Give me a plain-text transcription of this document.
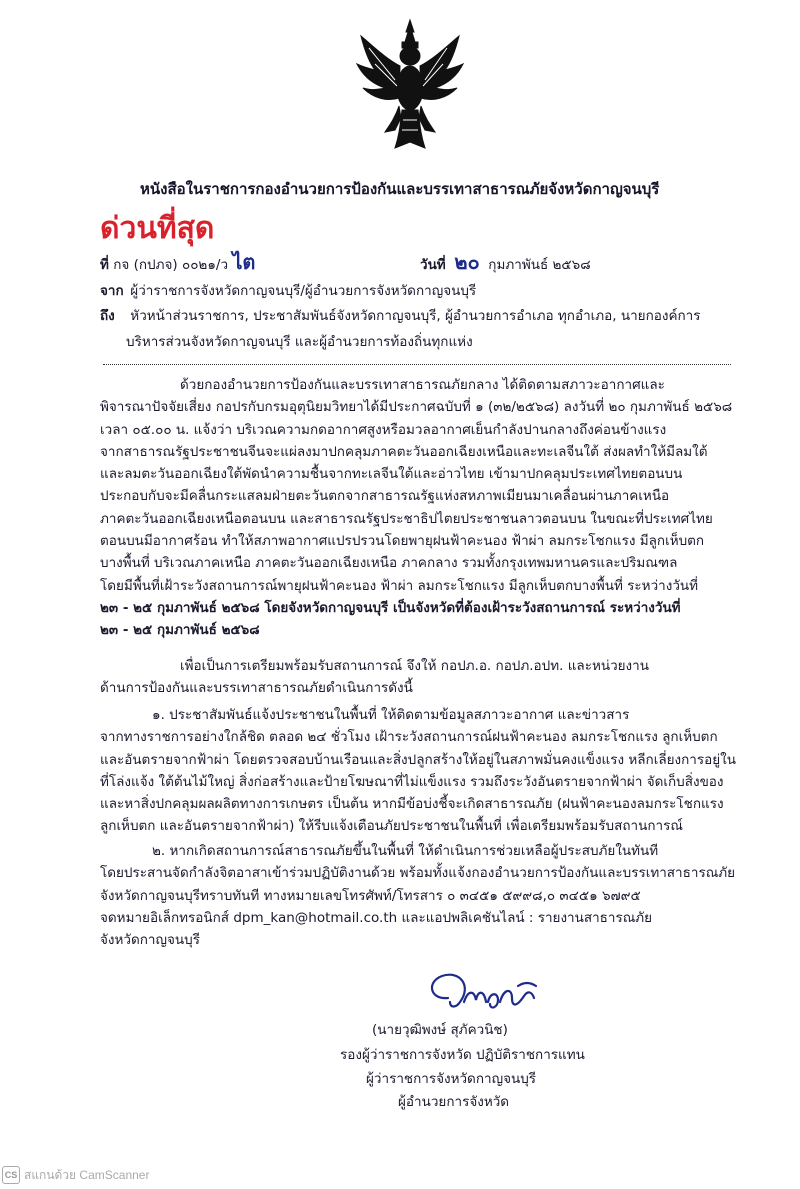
หนังสือในราชการกองอำนวยการป้องกันและบรรเทาสาธารณภัยจังหวัดกาญจนบุรี
ด่วนที่สุด
ที่ กจ (กปภจ) ๐๐๒๑/ว ไต	วันที่ ๒๐ กุมภาพันธ์ ๒๕๖๘
จาก ผู้ว่าราชการจังหวัดกาญจนบุรี/ผู้อำนวยการจังหวัดกาญจนบุรี
ถึง หัวหน้าส่วนราชการ, ประชาสัมพันธ์จังหวัดกาญจนบุรี, ผู้อำนวยการอำเภอ ทุกอำเภอ, นายกองค์การ
บริหารส่วนจังหวัดกาญจนบุรี และผู้อำนวยการท้องถิ่นทุกแห่ง
ด้วยกองอำนวยการป้องกันและบรรเทาสาธารณภัยกลาง ได้ติดตามสภาวะอากาศและ
พิจารณาปัจจัยเสี่ยง กอปรกับกรมอุตุนิยมวิทยาได้มีประกาศฉบับที่ ๑ (๓๒/๒๕๖๘) ลงวันที่ ๒๐ กุมภาพันธ์ ๒๕๖๘
เวลา ๐๕.๐๐ น. แจ้งว่า บริเวณความกดอากาศสูงหรือมวลอากาศเย็นกำลังปานกลางถึงค่อนข้างแรง
จากสาธารณรัฐประชาชนจีนจะแผ่ลงมาปกคลุมภาคตะวันออกเฉียงเหนือและทะเลจีนใต้ ส่งผลทำให้มีลมใต้
และลมตะวันออกเฉียงใต้พัดนำความชื้นจากทะเลจีนใต้และอ่าวไทย เข้ามาปกคลุมประเทศไทยตอนบน
ประกอบกับจะมีคลื่นกระแสลมฝ่ายตะวันตกจากสาธารณรัฐแห่งสหภาพเมียนมาเคลื่อนผ่านภาคเหนือ
ภาคตะวันออกเฉียงเหนือตอนบน และสาธารณรัฐประชาธิปไตยประชาชนลาวตอนบน ในขณะที่ประเทศไทย
ตอนบนมีอากาศร้อน ทำให้สภาพอากาศแปรปรวนโดยพายุฝนฟ้าคะนอง ฟ้าผ่า ลมกระโชกแรง มีลูกเห็บตก
บางพื้นที่ บริเวณภาคเหนือ ภาคตะวันออกเฉียงเหนือ ภาคกลาง รวมทั้งกรุงเทพมหานครและปริมณฑล
โดยมีพื้นที่เฝ้าระวังสถานการณ์พายุฝนฟ้าคะนอง ฟ้าผ่า ลมกระโชกแรง มีลูกเห็บตกบางพื้นที่ ระหว่างวันที่
๒๓ - ๒๕ กุมภาพันธ์ ๒๕๖๘ โดยจังหวัดกาญจนบุรี เป็นจังหวัดที่ต้องเฝ้าระวังสถานการณ์ ระหว่างวันที่
๒๓ - ๒๕ กุมภาพันธ์ ๒๕๖๘
เพื่อเป็นการเตรียมพร้อมรับสถานการณ์ จึงให้ กอปภ.อ. กอปภ.อปท. และหน่วยงาน
ด้านการป้องกันและบรรเทาสาธารณภัยดำเนินการดังนี้
๑. ประชาสัมพันธ์แจ้งประชาชนในพื้นที่ ให้ติดตามข้อมูลสภาวะอากาศ และข่าวสาร
จากทางราชการอย่างใกล้ชิด ตลอด ๒๔ ชั่วโมง เฝ้าระวังสถานการณ์ฝนฟ้าคะนอง ลมกระโชกแรง ลูกเห็บตก
และอันตรายจากฟ้าผ่า โดยตรวจสอบบ้านเรือนและสิ่งปลูกสร้างให้อยู่ในสภาพมั่นคงแข็งแรง หลีกเลี่ยงการอยู่ใน
ที่โล่งแจ้ง ใต้ต้นไม้ใหญ่ สิ่งก่อสร้างและป้ายโฆษณาที่ไม่แข็งแรง รวมถึงระวังอันตรายจากฟ้าผ่า จัดเก็บสิ่งของ
และหาสิ่งปกคลุมผลผลิตทางการเกษตร เป็นต้น หากมีข้อบ่งชี้จะเกิดสาธารณภัย (ฝนฟ้าคะนองลมกระโชกแรง
ลูกเห็บตก และอันตรายจากฟ้าผ่า) ให้รีบแจ้งเตือนภัยประชาชนในพื้นที่ เพื่อเตรียมพร้อมรับสถานการณ์
๒. หากเกิดสถานการณ์สาธารณภัยขึ้นในพื้นที่ ให้ดำเนินการช่วยเหลือผู้ประสบภัยในทันที
โดยประสานจัดกำลังจิตอาสาเข้าร่วมปฏิบัติงานด้วย พร้อมทั้งแจ้งกองอำนวยการป้องกันและบรรเทาสาธารณภัย
จังหวัดกาญจนบุรีทราบทันที ทางหมายเลขโทรศัพท์/โทรสาร ๐ ๓๔๕๑ ๕๙๙๘,๐ ๓๔๕๑ ๖๗๙๕
จดหมายอิเล็กทรอนิกส์ dpm_kan@hotmail.co.th และแอปพลิเคชันไลน์ : รายงานสาธารณภัย
จังหวัดกาญจนบุรี
(นายวุฒิพงษ์ สุภัควนิช)
รองผู้ว่าราชการจังหวัด ปฏิบัติราชการแทน
ผู้ว่าราชการจังหวัดกาญจนบุรี
ผู้อำนวยการจังหวัด
CS สแกนด้วย CamScanner
